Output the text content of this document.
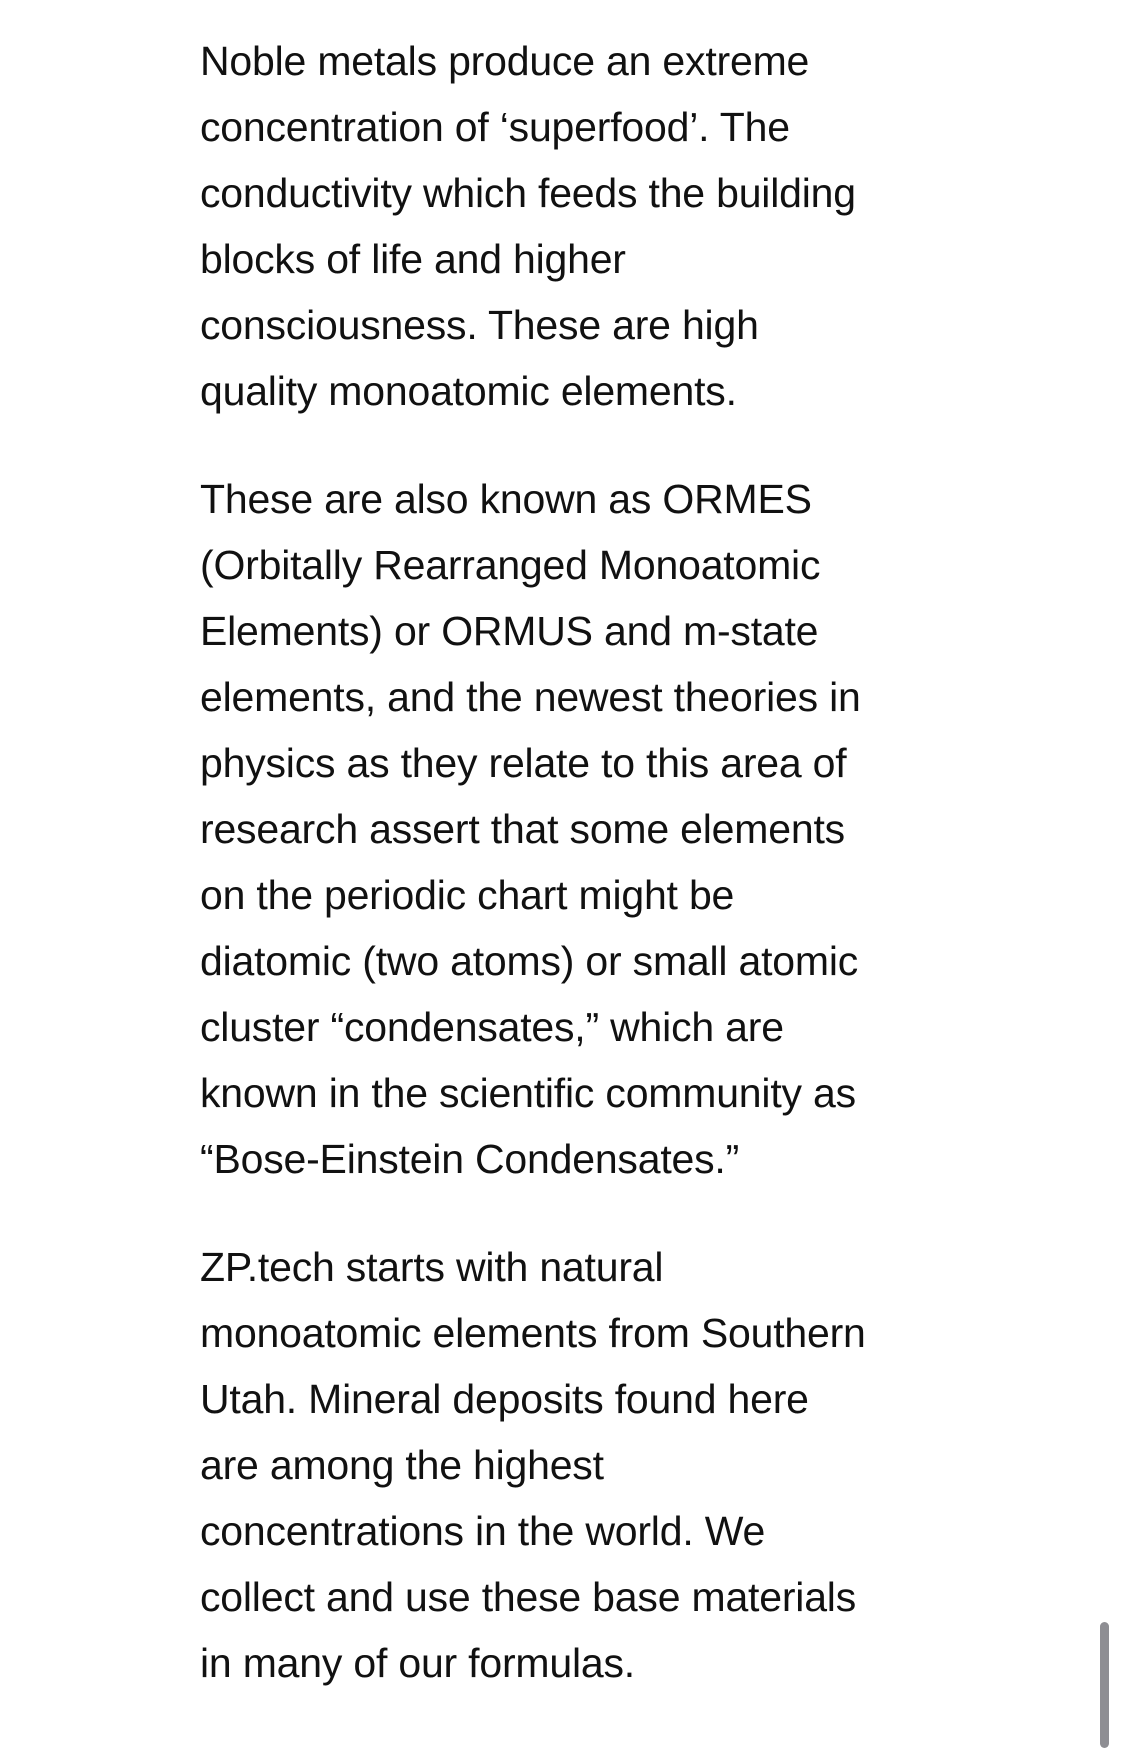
Noble metals produce an extreme
concentration of ‘superfood’. The
conductivity which feeds the building
blocks of life and higher
consciousness. These are high
quality monoatomic elements.

These are also known as ORMES
(Orbitally Rearranged Monoatomic
Elements) or ORMUS and m-state
elements, and the newest theories in
physics as they relate to this area of
research assert that some elements
on the periodic chart might be
diatomic (two atoms) or small atomic
cluster “condensates,” which are
known in the scientific community as
“Bose-Einstein Condensates.”

ZP.tech starts with natural
monoatomic elements from Southern
Utah. Mineral deposits found here
are among the highest
concentrations in the world. We
collect and use these base materials
in many of our formulas.
